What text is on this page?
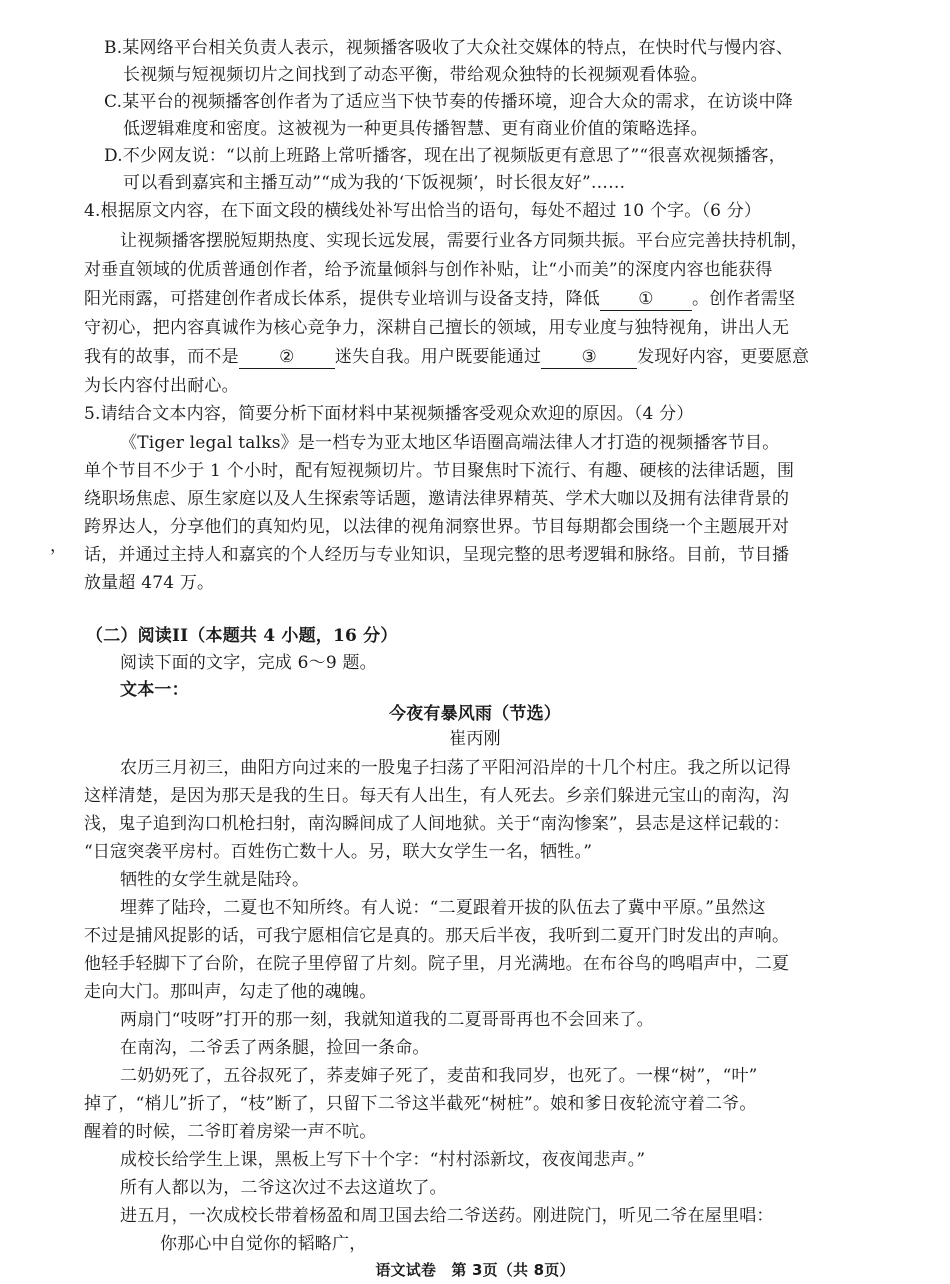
B.某网络平台相关负责人表示，视频播客吸收了大众社交媒体的特点，在快时代与慢内容、
长视频与短视频切片之间找到了动态平衡，带给观众独特的长视频观看体验。
C.某平台的视频播客创作者为了适应当下快节奏的传播环境，迎合大众的需求，在访谈中降
低逻辑难度和密度。这被视为一种更具传播智慧、更有商业价值的策略选择。
D.不少网友说：“以前上班路上常听播客，现在出了视频版更有意思了”“很喜欢视频播客，
可以看到嘉宾和主播互动”“成为我的‘下饭视频’，时长很友好”……
4.根据原文内容，在下面文段的横线处补写出恰当的语句，每处不超过 10 个字。（6 分）
让视频播客摆脱短期热度、实现长远发展，需要行业各方同频共振。平台应完善扶持机制，
对垂直领域的优质普通创作者，给予流量倾斜与创作补贴，让“小而美”的深度内容也能获得
阳光雨露，可搭建创作者成长体系，提供专业培训与设备支持，降低 ① 。创作者需坚
守初心，把内容真诚作为核心竞争力，深耕自己擅长的领域，用专业度与独特视角，讲出人无
我有的故事，而不是 ② 迷失自我。用户既要能通过 ③ 发现好内容，更要愿意
为长内容付出耐心。
5.请结合文本内容，简要分析下面材料中某视频播客受观众欢迎的原因。（4 分）
《Tiger legal talks》是一档专为亚太地区华语圈高端法律人才打造的视频播客节目。
单个节目不少于 1 个小时，配有短视频切片。节目聚焦时下流行、有趣、硬核的法律话题，围
绕职场焦虑、原生家庭以及人生探索等话题，邀请法律界精英、学术大咖以及拥有法律背景的
跨界达人，分享他们的真知灼见，以法律的视角洞察世界。节目每期都会围绕一个主题展开对
， 话，并通过主持人和嘉宾的个人经历与专业知识，呈现完整的思考逻辑和脉络。目前，节目播
放量超 474 万。
（二）阅读II（本题共 4 小题，16 分）
阅读下面的文字，完成 6～9 题。
文本一：
今夜有暴风雨（节选）
崔丙刚
农历三月初三，曲阳方向过来的一股鬼子扫荡了平阳河沿岸的十几个村庄。我之所以记得
这样清楚，是因为那天是我的生日。每天有人出生，有人死去。乡亲们躲进元宝山的南沟，沟
浅，鬼子追到沟口机枪扫射，南沟瞬间成了人间地狱。关于“南沟惨案”，县志是这样记载的：
“日寇突袭平房村。百姓伤亡数十人。另，联大女学生一名，牺牲。”
牺牲的女学生就是陆玲。
埋葬了陆玲，二夏也不知所终。有人说：“二夏跟着开拔的队伍去了冀中平原。”虽然这
不过是捕风捉影的话，可我宁愿相信它是真的。那天后半夜，我听到二夏开门时发出的声响。
他轻手轻脚下了台阶，在院子里停留了片刻。院子里，月光满地。在布谷鸟的鸣唱声中，二夏
走向大门。那叫声，勾走了他的魂魄。
两扇门“吱呀”打开的那一刻，我就知道我的二夏哥哥再也不会回来了。
在南沟，二爷丢了两条腿，捡回一条命。
二奶奶死了，五谷叔死了，荞麦婶子死了，麦苗和我同岁，也死了。一棵“树”，“叶”
掉了，“梢儿”折了，“枝”断了，只留下二爷这半截死“树桩”。娘和爹日夜轮流守着二爷。
醒着的时候，二爷盯着房梁一声不吭。
成校长给学生上课，黑板上写下十个字：“村村添新坟，夜夜闻悲声。”
所有人都以为，二爷这次过不去这道坎了。
进五月，一次成校长带着杨盈和周卫国去给二爷送药。刚进院门，听见二爷在屋里唱：
你那心中自觉你的韬略广，
语文试卷　第 3页（共 8页）
